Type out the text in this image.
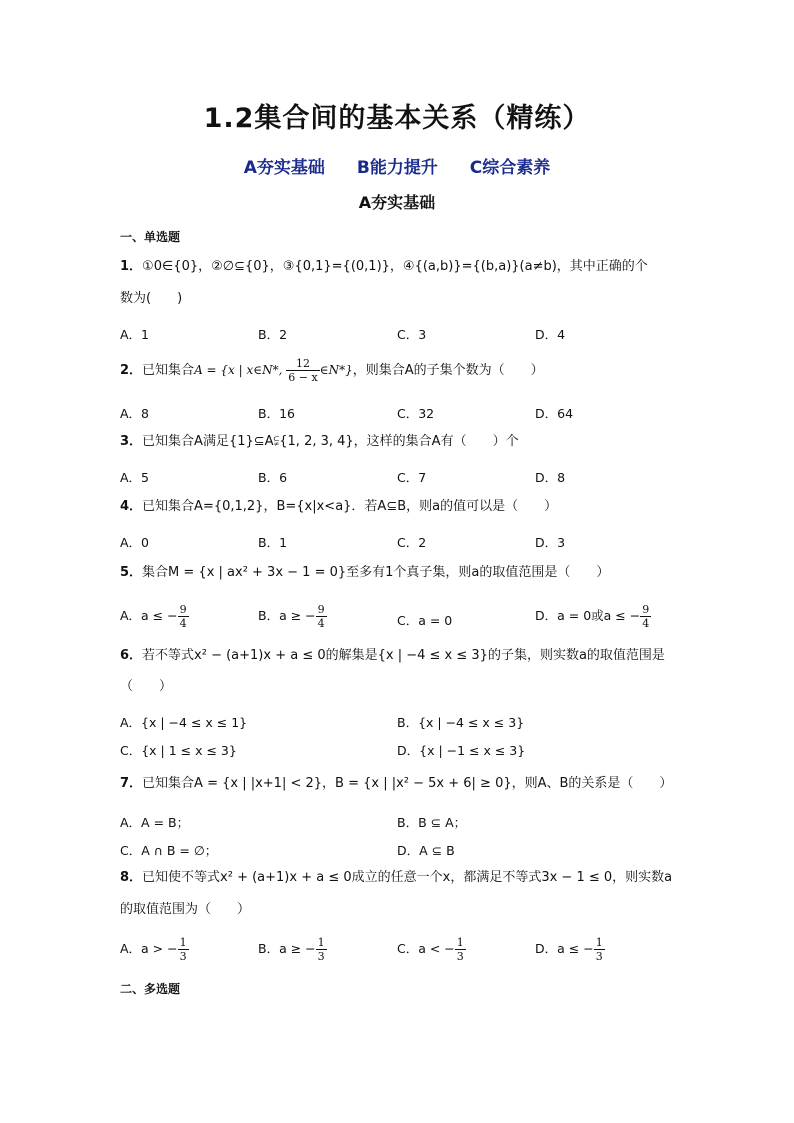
1.2集合间的基本关系（精练）
A夯实基础 B能力提升 C综合素养
A夯实基础
一、单选题
1．①0∈{0}，②∅⊆{0}，③{0,1}={(0,1)}，④{(a,b)}={(b,a)}(a≠b)，其中正确的个
数为(　　)
A．1	B．2	C．3	D．4
2．已知集合A = {x | x∈N*, $\frac{12}{6 - x}$ ∈N*}，则集合A的子集个数为（　　）
A．8	B．16	C．32	D．64
3．已知集合A满足{1}⊆A⫋{1, 2, 3, 4}，这样的集合A有（　　）个
A．5	B．6	C．7	D．8
4．已知集合A={0,1,2}，B={x|x<a}．若A⊆B，则a的值可以是（　　）
A．0	B．1	C．2	D．3
5．集合M = {x | ax² + 3x − 1 = 0}至多有1个真子集，则a的取值范围是（　　）
A．a ≤ − $\frac{9}{4}$	B．a ≥ − $\frac{9}{4}$	C．a = 0	D．a = 0或a ≤ − $\frac{9}{4}$
6．若不等式x² − (a+1)x + a ≤ 0的解集是{x | −4 ≤ x ≤ 3}的子集，则实数a的取值范围是
（　　）
A．{x | −4 ≤ x ≤ 1}	B．{x | −4 ≤ x ≤ 3}
C．{x | 1 ≤ x ≤ 3}	D．{x | −1 ≤ x ≤ 3}
7．已知集合A = {x | |x+1| < 2}，B = {x | |x² − 5x + 6| ≥ 0}，则A、B的关系是（　　）
A．A = B；	B．B ⊆ A；
C．A ∩ B = ∅；	D．A ⊆ B
8．已知使不等式x² + (a+1)x + a ≤ 0成立的任意一个x，都满足不等式3x − 1 ≤ 0，则实数a
的取值范围为（　　）
A．a > − $\frac{1}{3}$	B．a ≥ − $\frac{1}{3}$	C．a < − $\frac{1}{3}$	D．a ≤ − $\frac{1}{3}$
二、多选题
